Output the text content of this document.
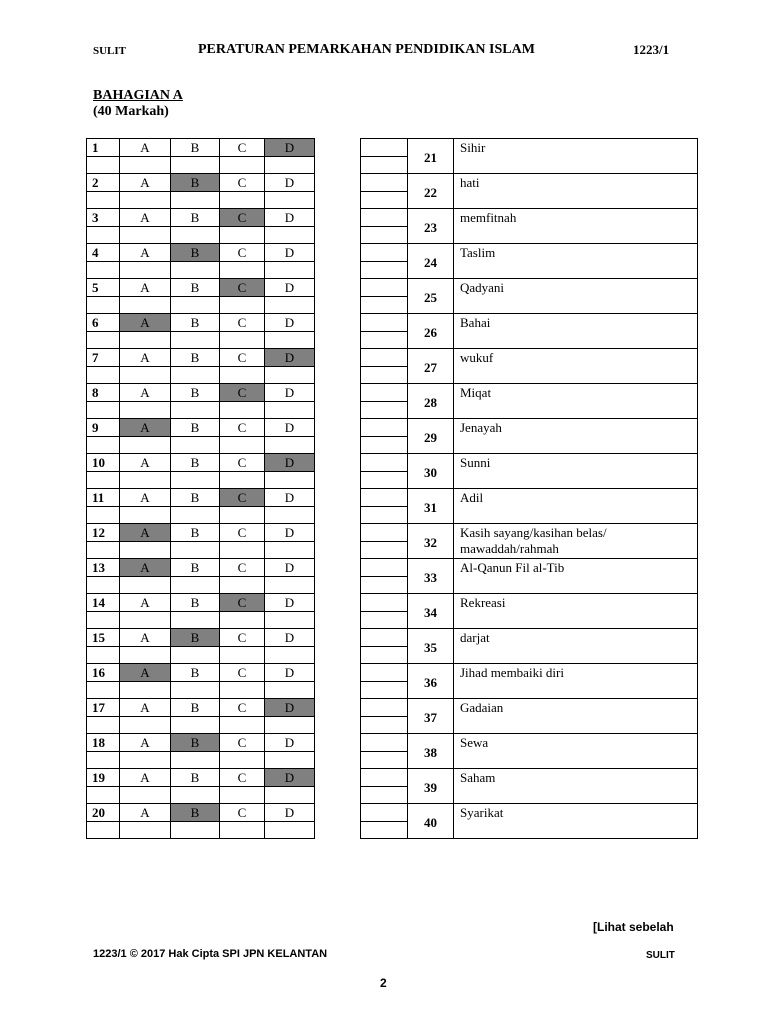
SULIT	PERATURAN PEMARKAHAN PENDIDIKAN ISLAM	1223/1
BAHAGIAN A
(40 Markah)
1	A	B	C	D

2	A	B	C	D

3	A	B	C	D

4	A	B	C	D

5	A	B	C	D

6	A	B	C	D

7	A	B	C	D

8	A	B	C	D

9	A	B	C	D

10	A	B	C	D

11	A	B	C	D

12	A	B	C	D

13	A	B	C	D

14	A	B	C	D

15	A	B	C	D

16	A	B	C	D

17	A	B	C	D

18	A	B	C	D

19	A	B	C	D

20	A	B	C	D

	21	Sihir

	22	hati

	23	memfitnah

	24	Taslim

	25	Qadyani

	26	Bahai

	27	wukuf

	28	Miqat

	29	Jenayah

	30	Sunni

	31	Adil

	32	Kasih sayang/kasihan belas/ mawaddah/rahmah

	33	Al-Qanun Fil al-Tib

	34	Rekreasi

	35	darjat

	36	Jihad membaiki diri

	37	Gadaian

	38	Sewa

	39	Saham

	40	Syarikat

[Lihat sebelah
1223/1 © 2017 Hak Cipta SPI JPN KELANTAN	SULIT
2
